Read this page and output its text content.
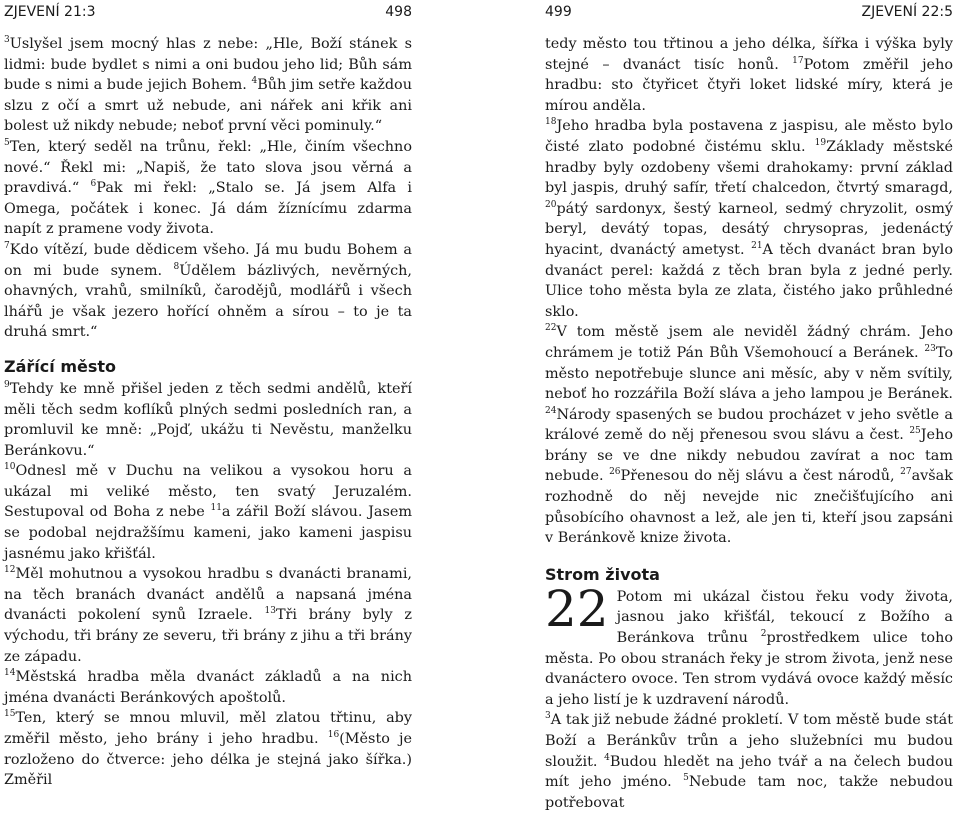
ZJEVENÍ 21:3	498

$^3$Uslyšel jsem mocný hlas z nebe: „Hle, Boží stánek s lidmi: bude bydlet s nimi a oni budou jeho lid; Bůh sám bude s nimi a bude jejich Bohem. $^4$Bůh jim setře každou slzu z očí a smrt už nebude, ani nářek ani křik ani bolest už nikdy nebude; neboť první věci pominuly.“

$^5$Ten, který seděl na trůnu, řekl: „Hle, činím všechno nové.“ Řekl mi: „Napiš, že tato slova jsou věrná a pravdivá.“ $^6$Pak mi řekl: „Stalo se. Já jsem Alfa i Omega, počátek i konec. Já dám žíznícímu zdarma napít z pramene vody života.

$^7$Kdo vítězí, bude dědicem všeho. Já mu budu Bohem a on mi bude synem. $^8$Údělem bázlivých, nevěrných, ohavných, vrahů, smilníků, čarodějů, modlářů i všech lhářů je však jezero hořící ohněm a sírou – to je ta druhá smrt.“

Zářící město

$^9$Tehdy ke mně přišel jeden z těch sedmi andělů, kteří měli těch sedm koflíků plných sedmi posledních ran, a promluvil ke mně: „Pojď, ukážu ti Nevěstu, manželku Beránkovu.“

$^{10}$Odnesl mě v Duchu na velikou a vysokou horu a ukázal mi veliké město, ten svatý Jeruzalém. Sestupoval od Boha z nebe $^{11}$a zářil Boží slávou. Jasem se podobal nejdražšímu kameni, jako kameni jaspisu jasnému jako křišťál.

$^{12}$Měl mohutnou a vysokou hradbu s dvanácti branami, na těch branách dvanáct andělů a napsaná jména dvanácti pokolení synů Izraele. $^{13}$Tři brány byly z východu, tři brány ze severu, tři brány z jihu a tři brány ze západu.

$^{14}$Městská hradba měla dvanáct základů a na nich jména dvanácti Beránkových apoštolů.

$^{15}$Ten, který se mnou mluvil, měl zlatou třtinu, aby změřil město, jeho brány i jeho hradbu. $^{16}$(Město je rozloženo do čtverce: jeho délka je stejná jako šířka.) Změřil

499	ZJEVENÍ 22:5

tedy město tou třtinou a jeho délka, šířka i výška byly stejné – dvanáct tisíc honů. $^{17}$Potom změřil jeho hradbu: sto čtyřicet čtyři loket lidské míry, která je mírou anděla.

$^{18}$Jeho hradba byla postavena z jaspisu, ale město bylo čisté zlato podobné čistému sklu. $^{19}$Základy městské hradby byly ozdobeny všemi drahokamy: první základ byl jaspis, druhý safír, třetí chalcedon, čtvrtý smaragd, $^{20}$pátý sardonyx, šestý karneol, sedmý chryzolit, osmý beryl, devátý topas, desátý chrysopras, jedenáctý hyacint, dvanáctý ametyst. $^{21}$A těch dvanáct bran bylo dvanáct perel: každá z těch bran byla z jedné perly. Ulice toho města byla ze zlata, čistého jako průhledné sklo.

$^{22}$V tom městě jsem ale neviděl žádný chrám. Jeho chrámem je totiž Pán Bůh Všemohoucí a Beránek. $^{23}$To město nepotřebuje slunce ani měsíc, aby v něm svítily, neboť ho rozzářila Boží sláva a jeho lampou je Beránek. $^{24}$Národy spasených se budou procházet v jeho světle a králové země do něj přenesou svou slávu a čest. $^{25}$Jeho brány se ve dne nikdy nebudou zavírat a noc tam nebude. $^{26}$Přenesou do něj slávu a čest národů, $^{27}$avšak rozhodně do něj nevejde nic znečišťujícího ani působícího ohavnost a lež, ale jen ti, kteří jsou zapsáni v Beránkově knize života.

Strom života
22 Potom mi ukázal čistou řeku vody života, jasnou jako křišťál, tekoucí z Božího a Beránkova trůnu $^2$prostředkem ulice toho města. Po obou stranách řeky je strom života, jenž nese dvanáctero ovoce. Ten strom vydává ovoce každý měsíc a jeho listí je k uzdravení národů.

$^3$A tak již nebude žádné prokletí. V tom městě bude stát Boží a Beránkův trůn a jeho služebníci mu budou sloužit. $^4$Budou hledět na jeho tvář a na čelech budou mít jeho jméno. $^5$Nebude tam noc, takže nebudou potřebovat
